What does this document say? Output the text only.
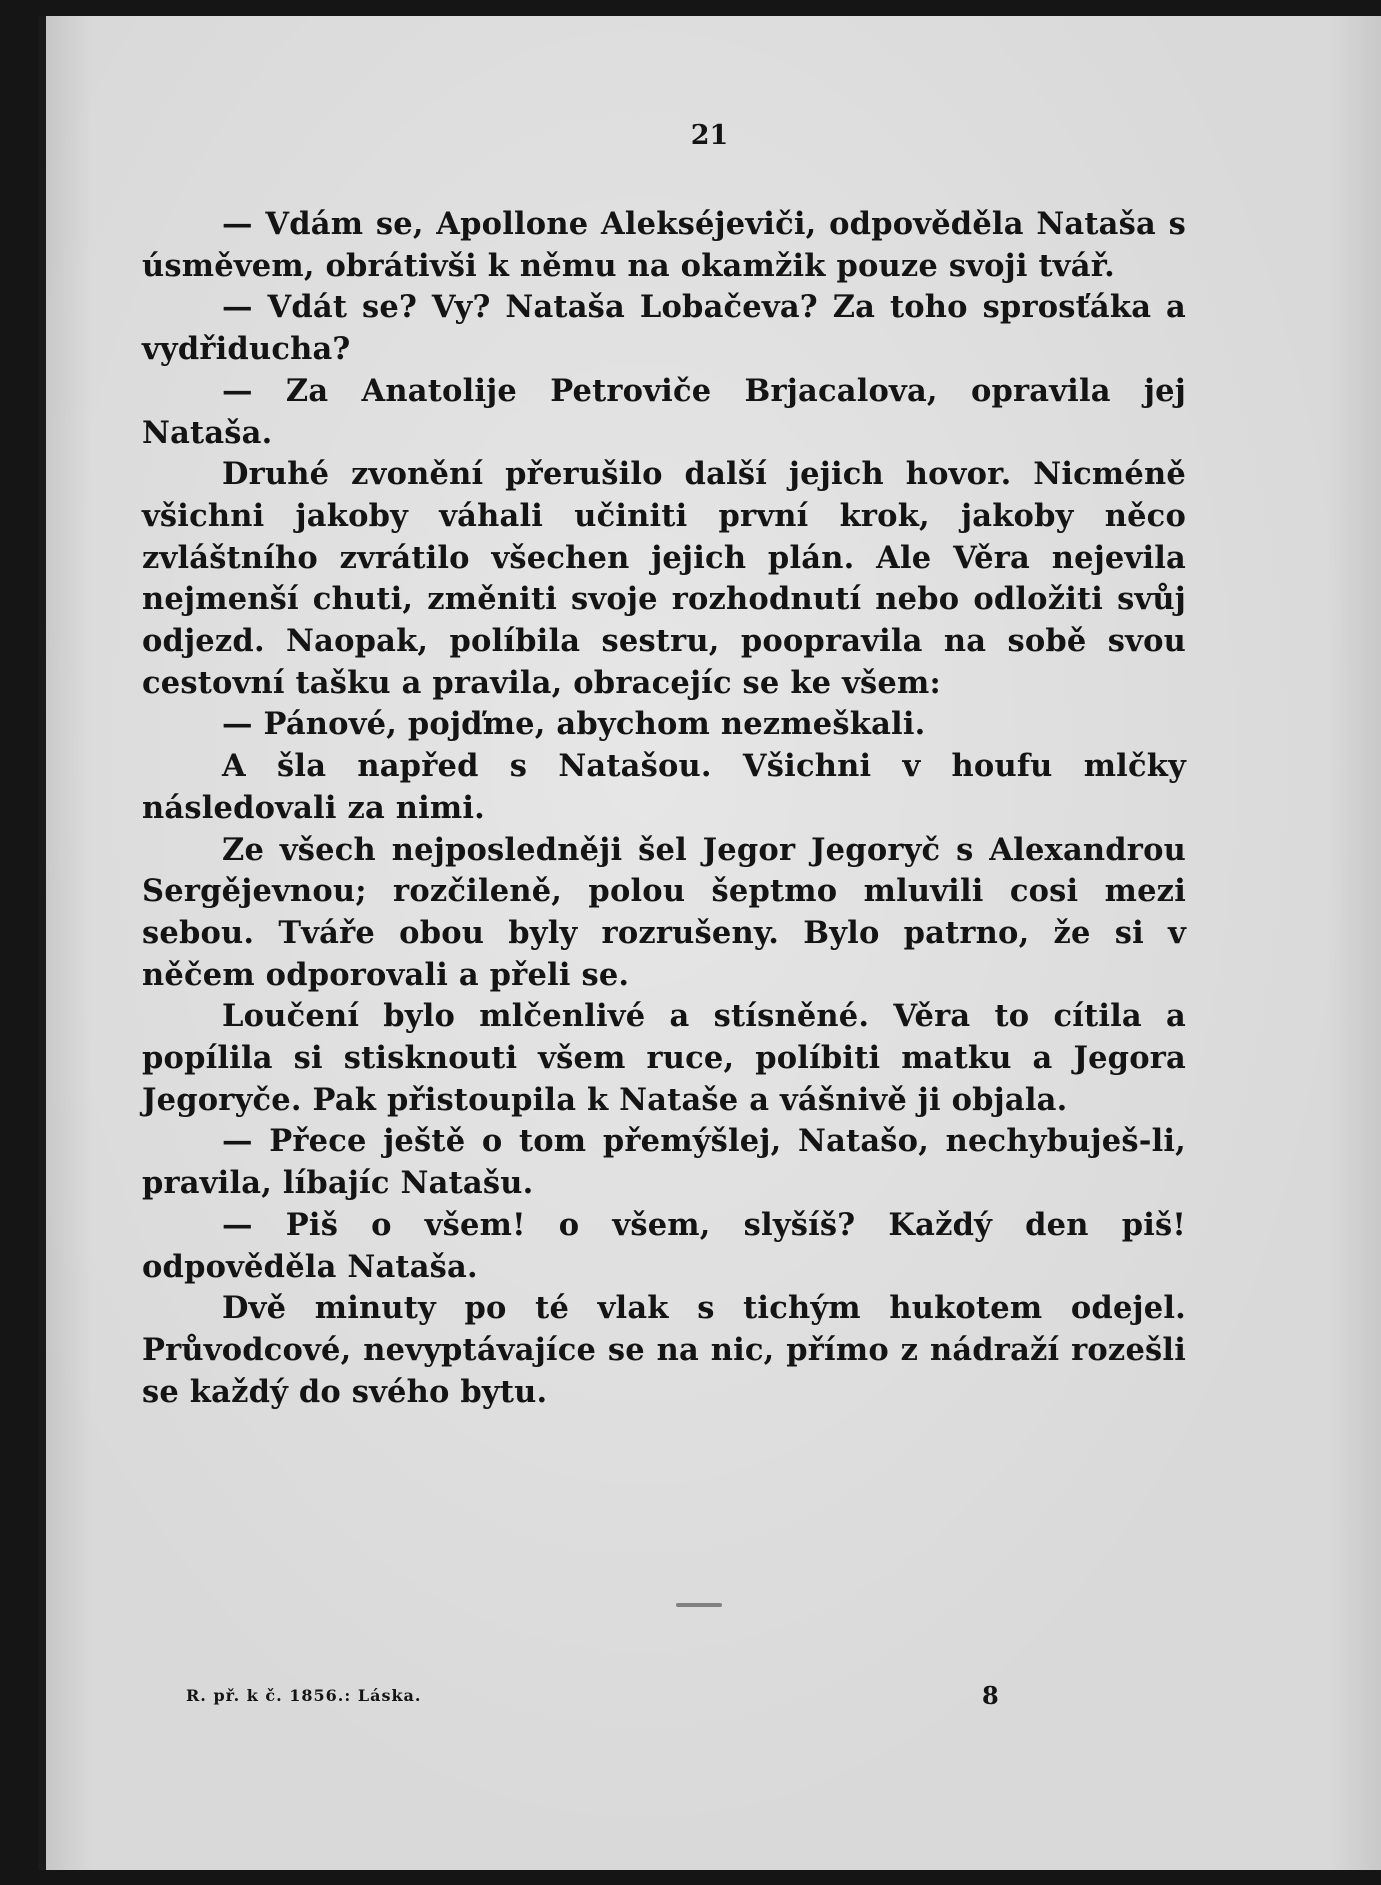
21

— Vdám se, Apollone Alekséjeviči, odpověděla Nataša s úsměvem, obrátivši k němu na okamžik pouze svoji tvář.

— Vdát se? Vy? Nataša Lobačeva? Za toho sprosťáka a vydřiducha?

— Za Anatolije Petroviče Brjacalova, opravila jej Nataša.

Druhé zvonění přerušilo další jejich hovor. Nicméně všichni jakoby váhali učiniti první krok, jakoby něco zvláštního zvrátilo všechen jejich plán. Ale Věra nejevila nejmenší chuti, změniti svoje rozhodnutí nebo odložiti svůj odjezd. Naopak, políbila sestru, poopravila na sobě svou cestovní tašku a pravila, obracejíc se ke všem:

— Pánové, pojďme, abychom nezmeškali.

A šla napřed s Natašou. Všichni v houfu mlčky následovali za nimi.

Ze všech nejposledněji šel Jegor Jegoryč s Alexandrou Sergějevnou; rozčileně, polou šeptmo mluvili cosi mezi sebou. Tváře obou byly rozrušeny. Bylo patrno, že si v něčem odporovali a přeli se.

Loučení bylo mlčenlivé a stísněné. Věra to cítila a popílila si stisknouti všem ruce, políbiti matku a Jegora Jegoryče. Pak přistoupila k Nataše a vášnivě ji objala.

— Přece ještě o tom přemýšlej, Natašo, nechybuješ-li, pravila, líbajíc Natašu.

— Piš o všem! o všem, slyšíš? Každý den piš! odpověděla Nataša.

Dvě minuty po té vlak s tichým hukotem odejel. Průvodcové, nevyptávajíce se na nic, přímo z nádraží rozešli se každý do svého bytu.

R. př. k č. 1856.: Láska.	8
